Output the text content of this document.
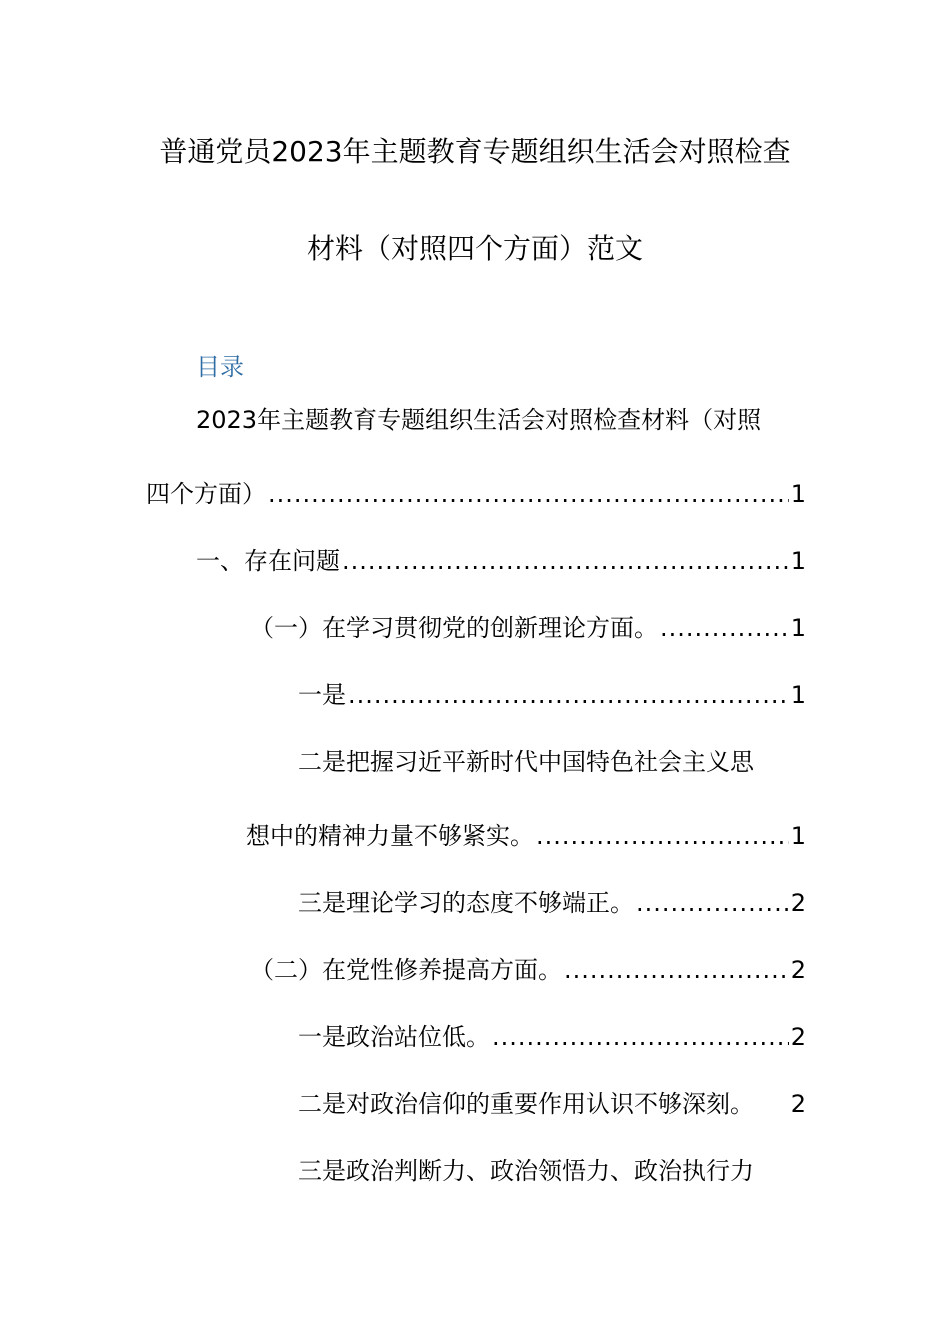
普通党员2023年主题教育专题组织生活会对照检查
材料（对照四个方面）范文
目录
2023年主题教育专题组织生活会对照检查材料（对照
四个方面） .....	1
一、存在问题 .....	1
（一）在学习贯彻党的创新理论方面。 .....	1
一是 .....	1
二是把握习近平新时代中国特色社会主义思
想中的精神力量不够紧实。 .....	1
三是理论学习的态度不够端正。 .....	2
（二）在党性修养提高方面。 .....	2
一是政治站位低。 .....	2
二是对政治信仰的重要作用认识不够深刻。 2
三是政治判断力、政治领悟力、政治执行力
